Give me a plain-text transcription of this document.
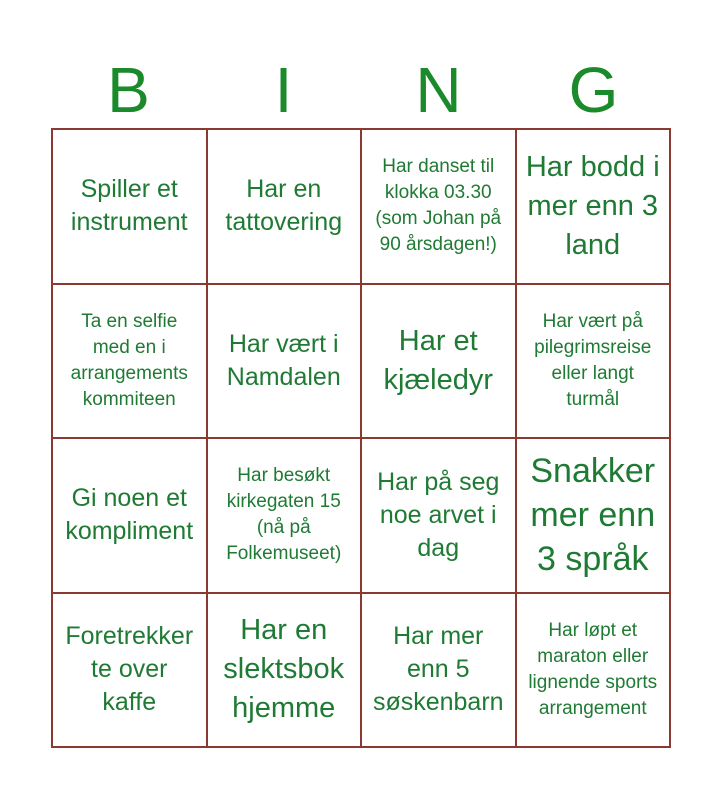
B	I	N	G
Spiller et instrument
Har en tattovering
Har danset til klokka 03.30 (som Johan på 90 årsdagen!)
Har bodd i mer enn 3 land
Ta en selfie med en i arrangements kommiteen
Har vært i Namdalen
Har et kjæledyr
Har vært på pilegrimsreise eller langt turmål
Gi noen et kompliment
Har besøkt kirkegaten 15 (nå på Folkemuseet)
Har på seg noe arvet i dag
Snakker mer enn 3 språk
Foretrekker te over kaffe
Har en slektsbok hjemme
Har mer enn 5 søskenbarn
Har løpt et maraton eller lignende sports arrangement
